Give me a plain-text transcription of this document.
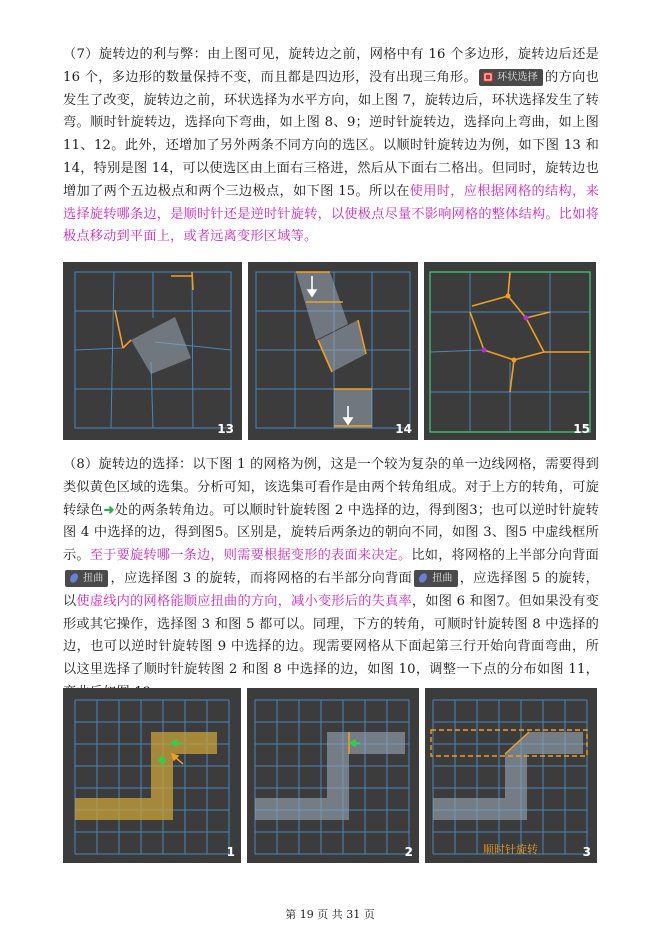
（7）旋转边的利与弊：由上图可见，旋转边之前，网格中有 16 个多边形，旋转边后还是 16 个，多边形的数量保持不变，而且都是四边形，没有出现三角形。 环状选择 的方向也发生了改变，旋转边之前，环状选择为水平方向，如上图 7，旋转边后，环状选择发生了转弯。顺时针旋转边，选择向下弯曲，如上图 8、9；逆时针旋转边，选择向上弯曲，如上图 11、12。此外，还增加了另外两条不同方向的选区。以顺时针旋转边为例，如下图 13 和 14，特别是图 14，可以使选区由上面右三格进，然后从下面右二格出。但同时，旋转边也增加了两个五边极点和两个三边极点，如下图 15。所以在使用时，应根据网格的结构，来选择旋转哪条边，是顺时针还是逆时针旋转，以使极点尽量不影响网格的整体结构。比如将极点移动到平面上，或者远离变形区域等。
13	14	15
（8）旋转边的选择：以下图 1 的网格为例，这是一个较为复杂的单一边线网格，需要得到类似黄色区域的选集。分析可知，该选集可看作是由两个转角组成。对于上方的转角，可旋转绿色➜处的两条转角边。可以顺时针旋转图 2 中选择的边，得到图3；也可以逆时针旋转图 4 中选择的边，得到图5。区别是，旋转后两条边的朝向不同，如图 3、图5 中虚线框所示。至于要旋转哪一条边，则需要根据变形的表面来决定。比如，将网格的上半部分向背面扭曲 ，应选择图 3 的旋转，而将网格的右半部分向背面 扭曲 ，应选择图 5 的旋转，以使虚线内的网格能顺应扭曲的方向，减小变形后的失真率，如图 6 和图7。但如果没有变形或其它操作，选择图 3 和图 5 都可以。同理，下方的转角，可顺时针旋转图 8 中选择的边，也可以逆时针旋转图 9 中选择的边。现需要网格从下面起第三行开始向背面弯曲，所以这里选择了顺时针旋转图 2 和图 8 中选择的边，如图 10，调整一下点的分布如图 11，
1	2	顺时针旋转	3
第 19 页 共 31 页
